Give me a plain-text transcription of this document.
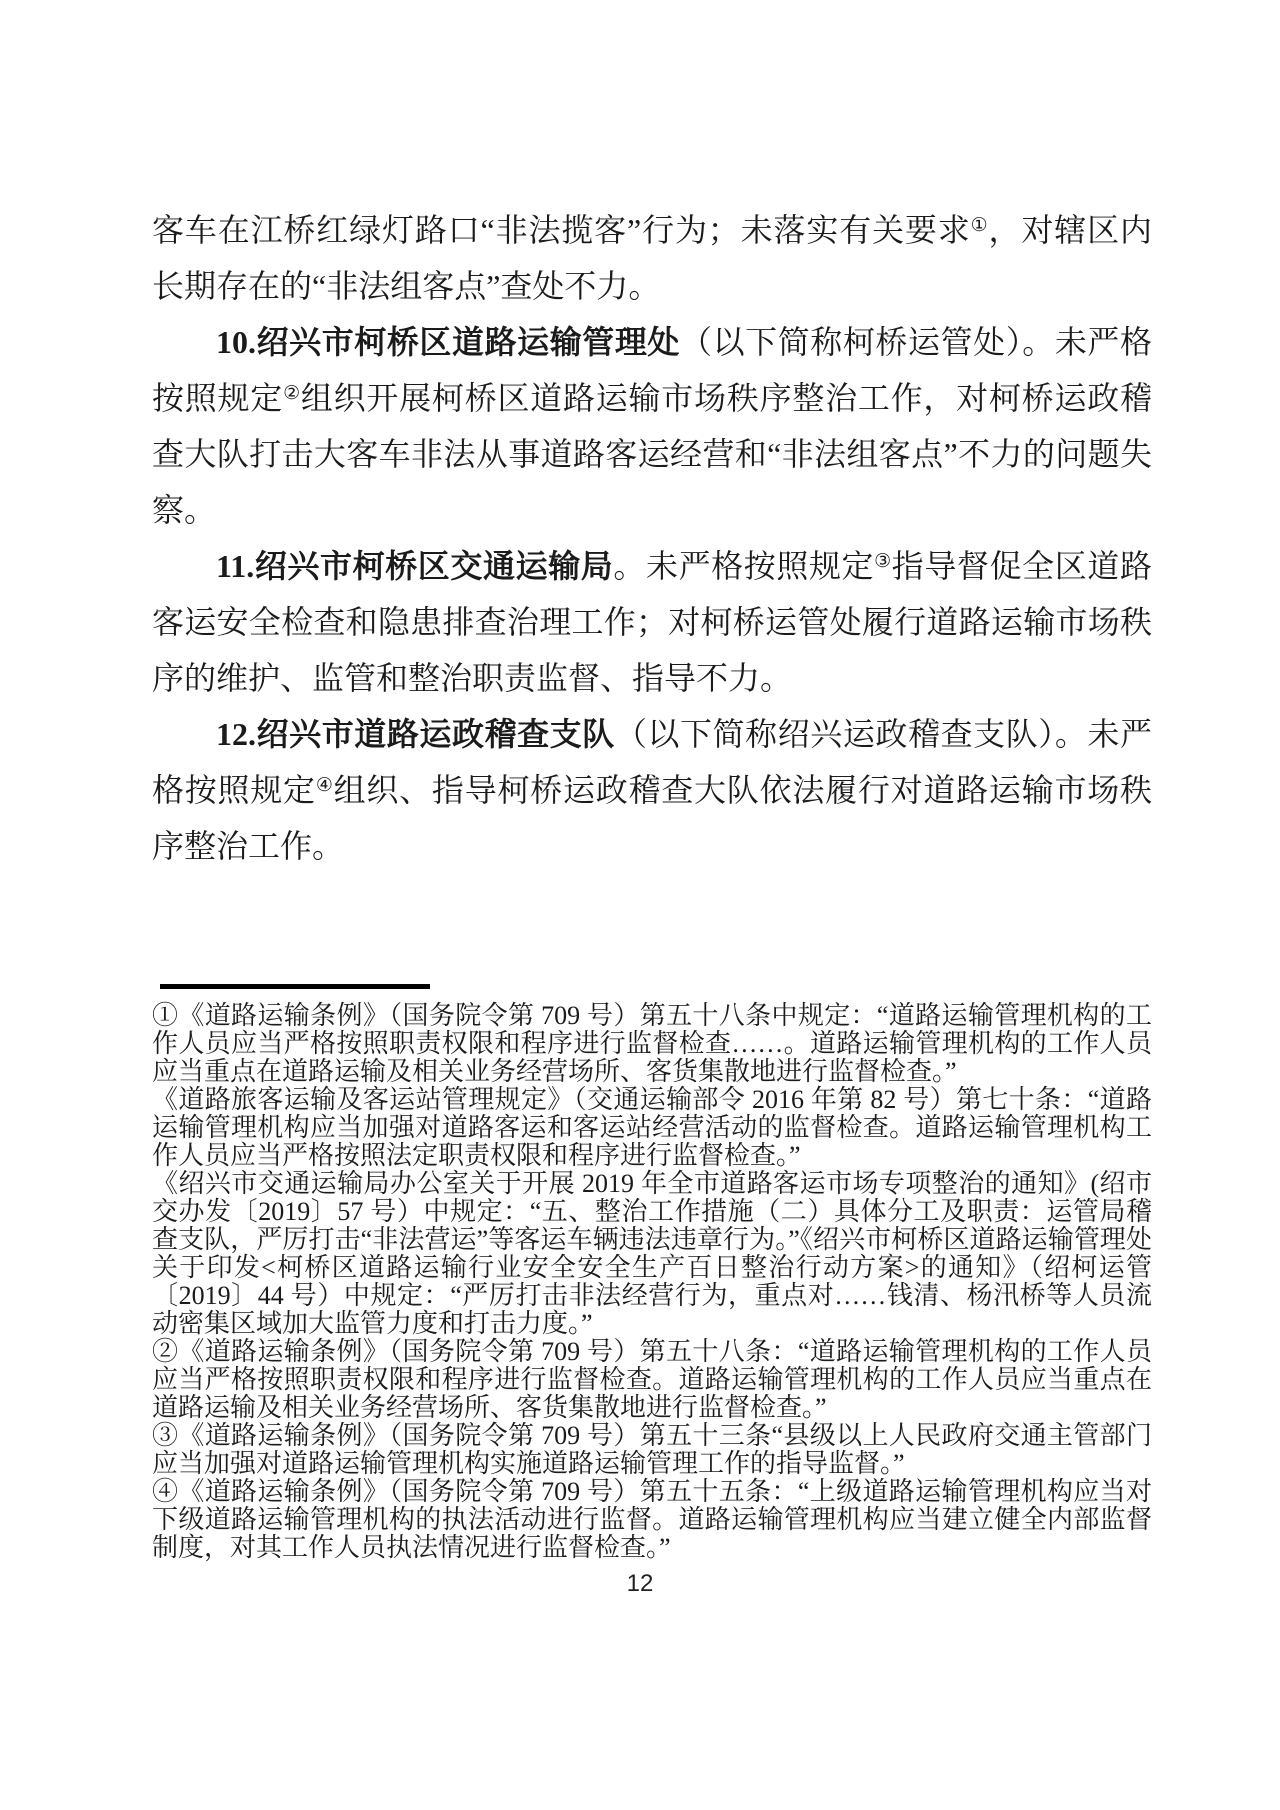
客车在江桥红绿灯路口“非法揽客”行为；未落实有关要求①，对辖区内长期存在的“非法组客点”查处不力。

10.绍兴市柯桥区道路运输管理处（以下简称柯桥运管处）。未严格按照规定②组织开展柯桥区道路运输市场秩序整治工作，对柯桥运政稽查大队打击大客车非法从事道路客运经营和“非法组客点”不力的问题失察。

11.绍兴市柯桥区交通运输局。未严格按照规定③指导督促全区道路客运安全检查和隐患排查治理工作；对柯桥运管处履行道路运输市场秩序的维护、监管和整治职责监督、指导不力。

12.绍兴市道路运政稽查支队（以下简称绍兴运政稽查支队）。未严格按照规定④组织、指导柯桥运政稽查大队依法履行对道路运输市场秩序整治工作。

①《道路运输条例》（国务院令第 709 号）第五十八条中规定：“道路运输管理机构的工作人员应当严格按照职责权限和程序进行监督检查……。道路运输管理机构的工作人员应当重点在道路运输及相关业务经营场所、客货集散地进行监督检查。”

《道路旅客运输及客运站管理规定》（交通运输部令 2016 年第 82 号）第七十条：“道路运输管理机构应当加强对道路客运和客运站经营活动的监督检查。道路运输管理机构工作人员应当严格按照法定职责权限和程序进行监督检查。”

《绍兴市交通运输局办公室关于开展 2019 年全市道路客运市场专项整治的通知》(绍市交办发〔2019〕57 号）中规定：“五、整治工作措施（二）具体分工及职责：运管局稽查支队，严厉打击“非法营运”等客运车辆违法违章行为。”《绍兴市柯桥区道路运输管理处关于印发<柯桥区道路运输行业安全安全生产百日整治行动方案>的通知》（绍柯运管〔2019〕44 号）中规定：“严厉打击非法经营行为，重点对……钱清、杨汛桥等人员流动密集区域加大监管力度和打击力度。”

②《道路运输条例》（国务院令第 709 号）第五十八条：“道路运输管理机构的工作人员应当严格按照职责权限和程序进行监督检查。道路运输管理机构的工作人员应当重点在道路运输及相关业务经营场所、客货集散地进行监督检查。”

③《道路运输条例》（国务院令第 709 号）第五十三条“县级以上人民政府交通主管部门应当加强对道路运输管理机构实施道路运输管理工作的指导监督。”

④《道路运输条例》（国务院令第 709 号）第五十五条：“上级道路运输管理机构应当对下级道路运输管理机构的执法活动进行监督。道路运输管理机构应当建立健全内部监督制度，对其工作人员执法情况进行监督检查。”

12
